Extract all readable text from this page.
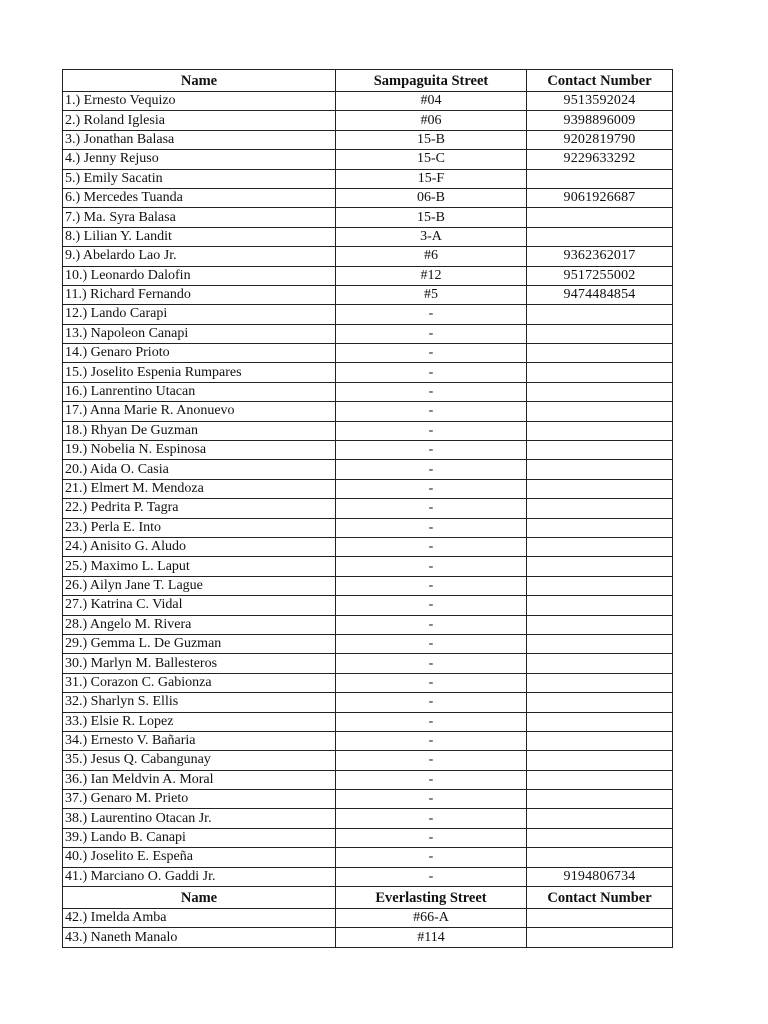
Name	Sampaguita Street	Contact Number
1.) Ernesto Vequizo	#04	9513592024
2.) Roland Iglesia	#06	9398896009
3.) Jonathan Balasa	15-B	9202819790
4.) Jenny Rejuso	15-C	9229633292
5.) Emily Sacatin	15-F	
6.) Mercedes Tuanda	06-B	9061926687
7.) Ma. Syra Balasa	15-B	
8.) Lilian Y. Landit	3-A	
9.) Abelardo Lao Jr.	#6	9362362017
10.) Leonardo Dalofin	#12	9517255002
11.) Richard Fernando	#5	9474484854
12.) Lando Carapi	-	
13.) Napoleon Canapi	-	
14.) Genaro Prioto	-	
15.) Joselito Espenia Rumpares	-	
16.) Lanrentino Utacan	-	
17.) Anna Marie R. Anonuevo	-	
18.) Rhyan De Guzman	-	
19.) Nobelia N. Espinosa	-	
20.) Aida O. Casia	-	
21.) Elmert M. Mendoza	-	
22.) Pedrita P. Tagra	-	
23.) Perla E. Into	-	
24.) Anisito G. Aludo	-	
25.) Maximo L. Laput	-	
26.) Ailyn Jane T. Lague	-	
27.) Katrina C. Vidal	-	
28.) Angelo M. Rivera	-	
29.) Gemma L. De Guzman	-	
30.) Marlyn M. Ballesteros	-	
31.) Corazon C. Gabionza	-	
32.) Sharlyn S. Ellis	-	
33.) Elsie R. Lopez	-	
34.) Ernesto V. Bañaria	-	
35.) Jesus Q. Cabangunay	-	
36.) Ian Meldvin A. Moral	-	
37.) Genaro M. Prieto	-	
38.) Laurentino Otacan Jr.	-	
39.) Lando B. Canapi	-	
40.) Joselito E. Espeña	-	
41.) Marciano O. Gaddi Jr.	-	9194806734
Name	Everlasting Street	Contact Number
42.) Imelda Amba	#66-A	
43.) Naneth Manalo	#114	
